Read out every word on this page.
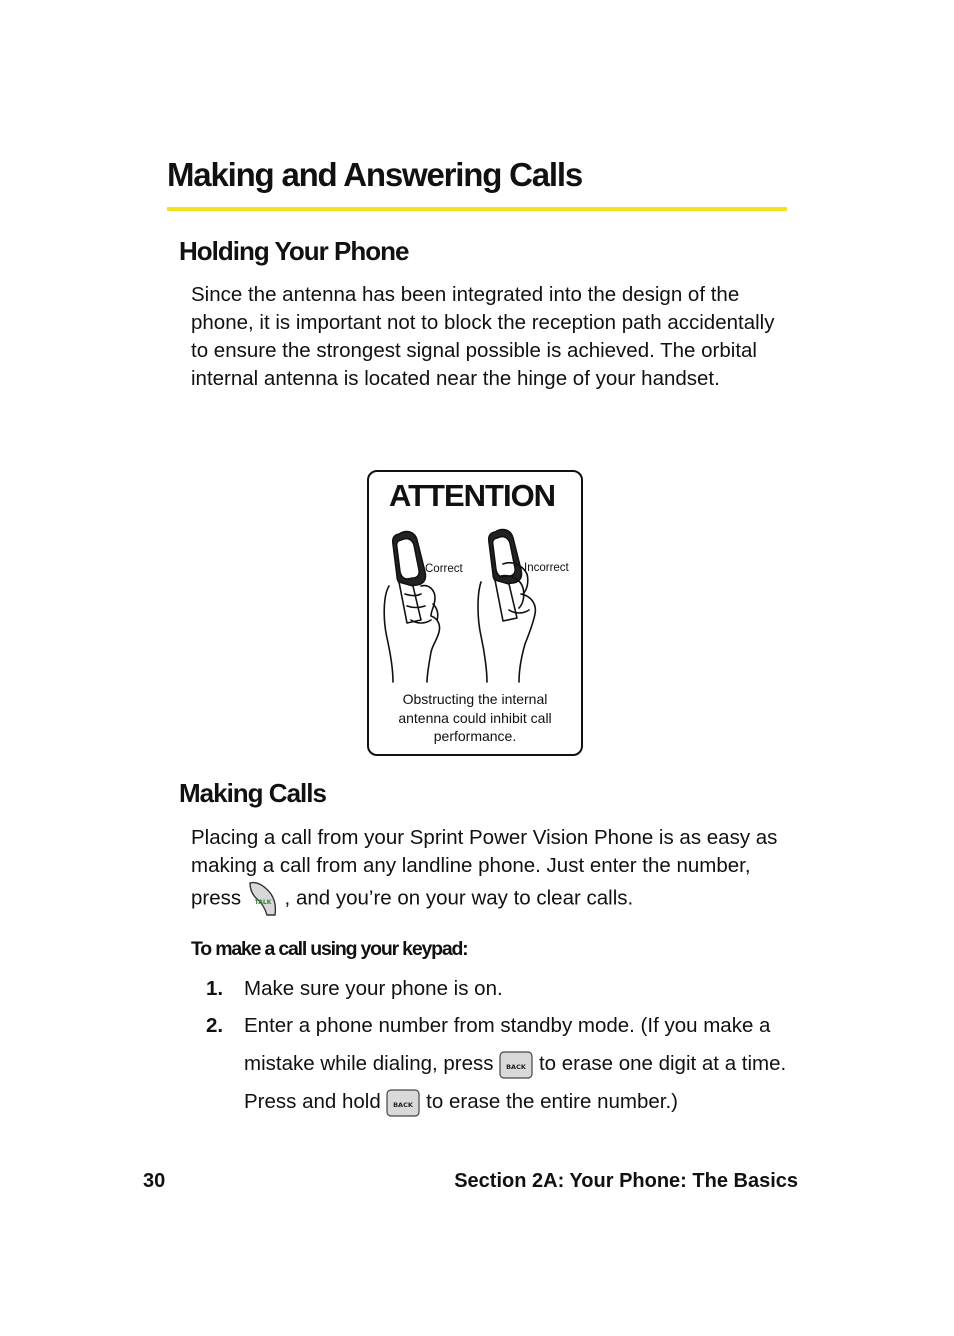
Making and Answering Calls
Holding Your Phone

Since the antenna has been integrated into the design of the phone, it is important not to block the reception path accidentally to ensure the strongest signal possible is achieved. The orbital internal antenna is located near the hinge of your handset.

ATTENTION
Correct	Incorrect

Obstructing the internal antenna could inhibit call performance.

Making Calls

Placing a call from your Sprint Power Vision Phone is as easy as making a call from any landline phone. Just enter the number, press TALK , and you’re on your way to clear calls.

To make a call using your keypad:
1. Make sure your phone is on.
2. Enter a phone number from standby mode. (If you make a mistake while dialing, press BACK to erase one digit at a time. Press and hold BACK to erase the entire number.)
30	Section 2A: Your Phone: The Basics
